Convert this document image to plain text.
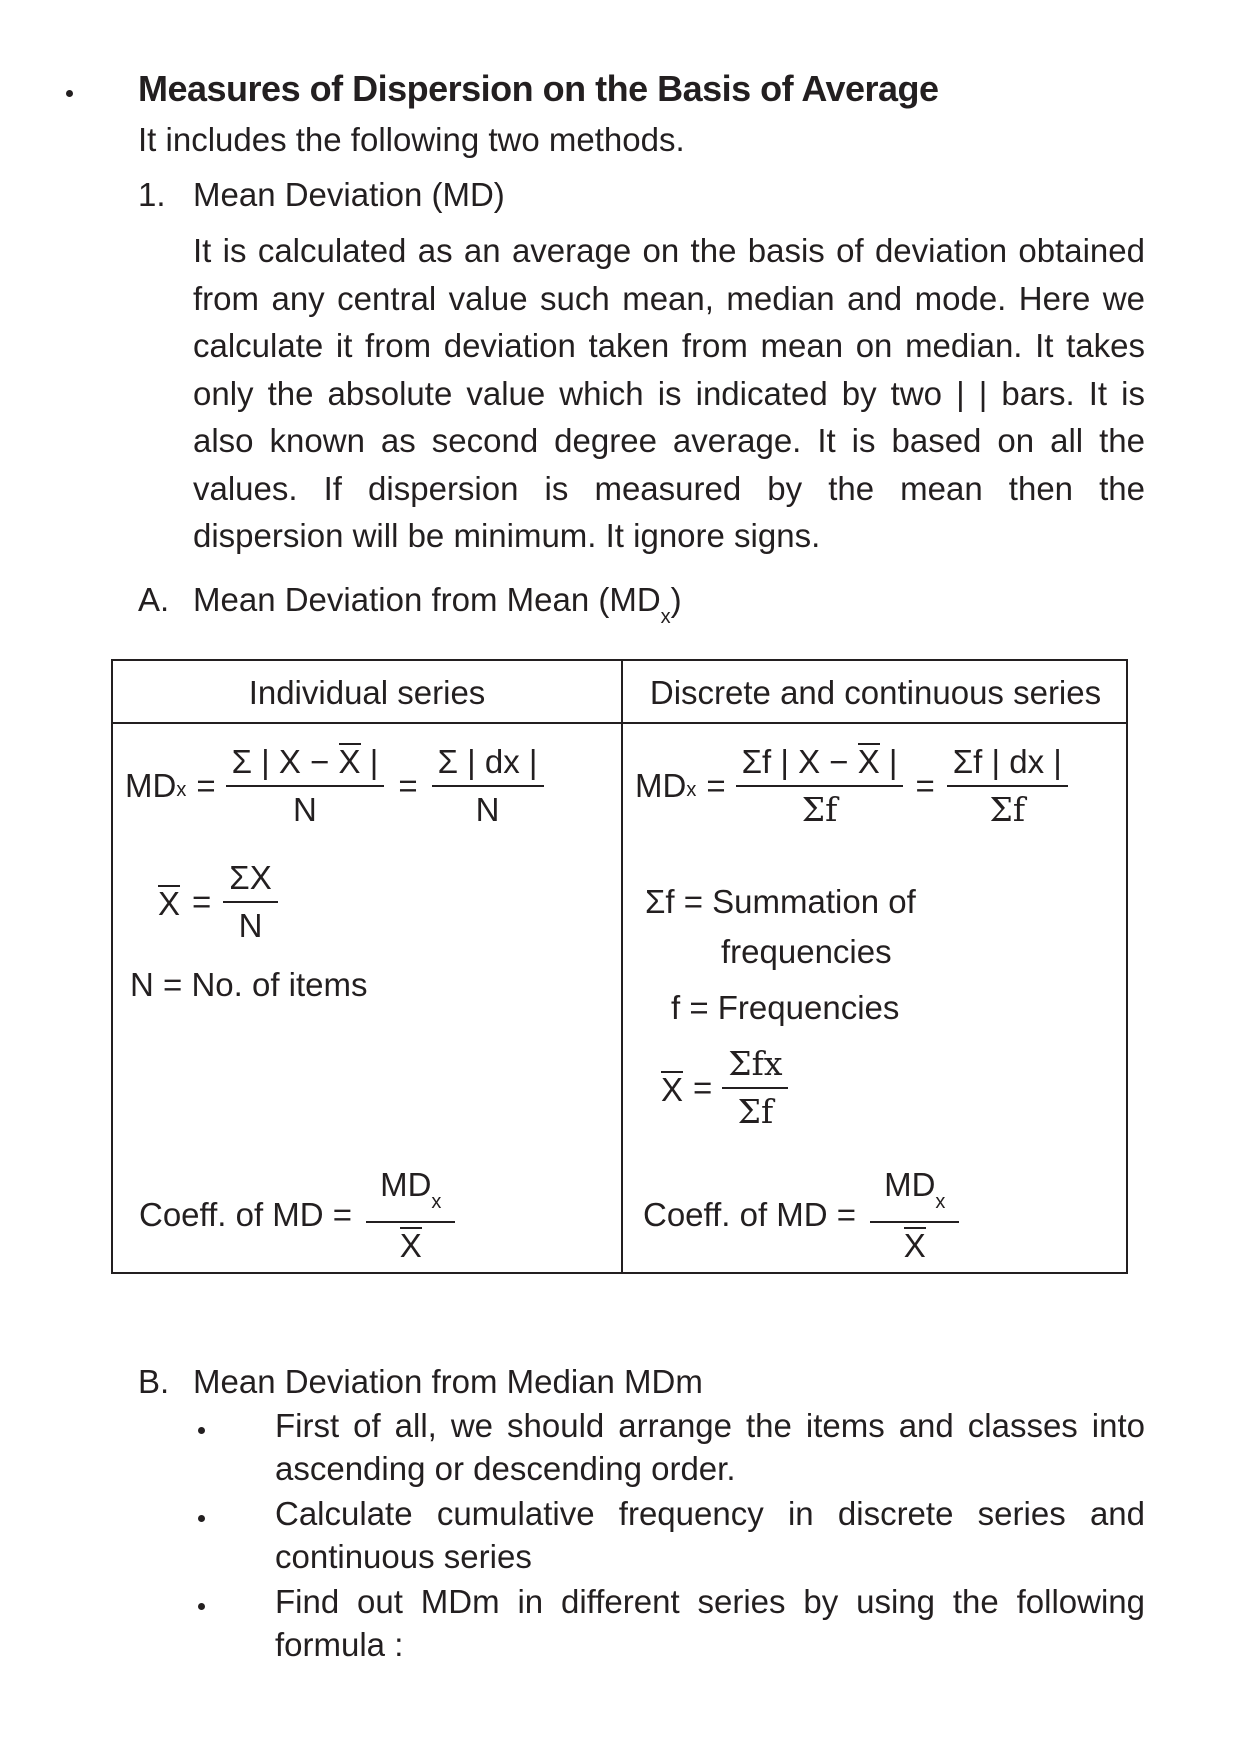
Measures of Dispersion on the Basis of Average
It includes the following two methods.
1. Mean Deviation (MD)

It is calculated as an average on the basis of deviation obtained from any central value such mean, median and mode. Here we calculate it from deviation taken from mean on median. It takes only the absolute value which is indicated by two | | bars. It is also known as second degree average. It is based on all the values. If dispersion is measured by the mean then the dispersion will be minimum. It ignore signs.

A. Mean Deviation from Mean $(MD_x)$
Individual series	Discrete and continuous series
$MD_x = \frac{\Sigma | X - X |}{N} = \frac{\Sigma | dx |}{N}$
$X = \frac{\Sigma X}{N}$
N = No. of items
Coeff. of MD = $\frac{MD_x}{X}$
$MD_x = \frac{\Sigma f | X - X |}{\Sigma f} = \frac{\Sigma f | dx |}{\Sigma f}$
Σf = Summation of
frequencies
f = Frequencies
$X = \frac{\text{Σfx}}{\Sigma f}$
Coeff. of MD = $\frac{MD_x}{X}$
B. Mean Deviation from Median MDm

First of all, we should arrange the items and classes into ascending or descending order.

Calculate cumulative frequency in discrete series and continuous series

Find out MDm in different series by using the following formula :
